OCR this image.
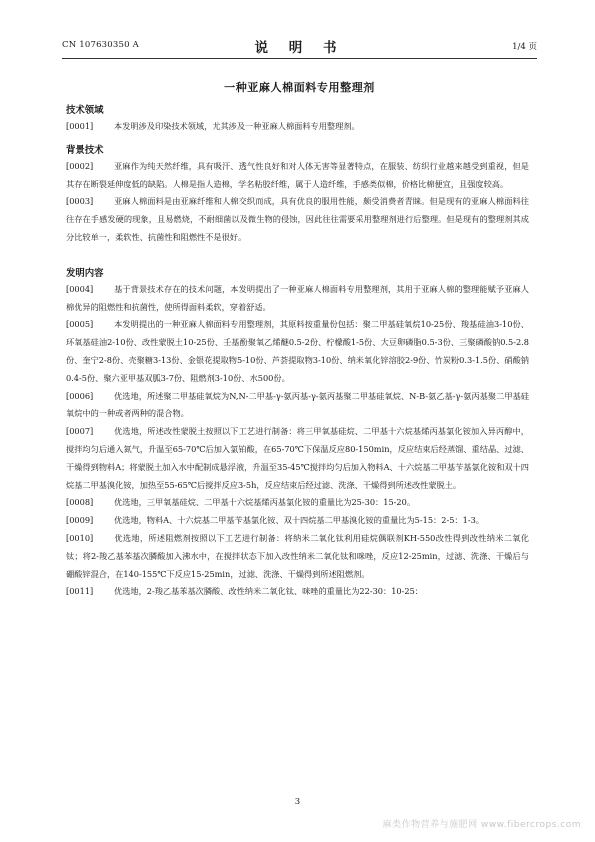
CN 107630350 A	说 明 书	1/4 页
一种亚麻人棉面料专用整理剂
技术领域

[0001]	本发明涉及印染技术领域，尤其涉及一种亚麻人棉面料专用整理剂。

背景技术

[0002]	亚麻作为纯天然纤维，具有吸汗、透气性良好和对人体无害等显著特点，在服装、纺织行业越来越受到重视，但是其存在断裂延伸度低的缺陷。人棉是指人造棉，学名粘胶纤维，属于人造纤维，手感类似棉，价格比棉便宜，且强度较高。

[0003]	亚麻人棉面料是由亚麻纤维和人棉交织而成，具有优良的服用性能，颇受消费者青睐。但是现有的亚麻人棉面料往往存在手感发硬的现象，且易燃烧，不耐细菌以及微生物的侵蚀，因此往往需要采用整理剂进行后整理。但是现有的整理剂其成分比较单一，柔软性、抗菌性和阻燃性不是很好。

发明内容

[0004]	基于背景技术存在的技术问题，本发明提出了一种亚麻人棉面料专用整理剂，其用于亚麻人棉的整理能赋予亚麻人棉优异的阻燃性和抗菌性，使所得面料柔软，穿着舒适。

[0005]	本发明提出的一种亚麻人棉面料专用整理剂，其原料按重量份包括：聚二甲基硅氧烷10-25份、羧基硅油3-10份、环氧基硅油2-10份、改性蒙脱土10-25份、壬基酚聚氧乙烯醚0.5-2份、柠檬酸1-5份、大豆卵磷脂0.5-3份、三聚磷酸钠0.5-2.8份、奎宁2-8份、壳聚糖3-13份、金银花提取物5-10份、芦荟提取物3-10份、纳米氧化锌溶胶2-9份、竹炭粉0.3-1.5份、硝酸钠0.4-5份、聚六亚甲基双胍3-7份、阻燃剂3-10份、水500份。

[0006]	优选地，所述聚二甲基硅氧烷为N,N-二甲基-γ-氨丙基-γ-氨丙基聚二甲基硅氧烷、N-B-氨乙基-γ-氨丙基聚二甲基硅氧烷中的一种或者两种的混合物。

[0007]	优选地，所述改性蒙脱土按照以下工艺进行制备：将三甲氧基硅烷、二甲基十六烷基烯丙基氯化铵加入异丙醇中，搅拌均匀后通入氮气，升温至65-70℃后加入氯铂酸，在65-70℃下保温反应80-150min，反应结束后经蒸馏、重结晶、过滤、干燥得到物料A；将蒙脱土加入水中配制成悬浮液，升温至35-45℃搅拌均匀后加入物料A、十六烷基二甲基苄基氯化铵和双十四烷基二甲基溴化铵，加热至55-65℃后搅拌反应3-5h，反应结束后经过滤、洗涤、干燥得到所述改性蒙脱土。

[0008]	优选地，三甲氧基硅烷、二甲基十六烷基烯丙基氯化铵的重量比为25-30：15-20。

[0009]	优选地，物料A、十六烷基二甲基苄基氯化铵、双十四烷基二甲基溴化铵的重量比为5-15：2-5：1-3。

[0010]	优选地，所述阻燃剂按照以下工艺进行制备：将纳米二氧化钛利用硅烷偶联剂KH-550改性得到改性纳米二氧化钛；将2-羧乙基苯基次膦酸加入沸水中，在搅拌状态下加入改性纳米二氧化钛和咪唑，反应12-25min，过滤、洗涤、干燥后与硼酸锌混合，在140-155℃下反应15-25min，过滤、洗涤、干燥得到所述阻燃剂。

[0011]	优选地，2-羧乙基苯基次膦酸、改性纳米二氧化钛、咪唑的重量比为22-30：10-25：

3
麻类作物营养与施肥网 www.fibercrops.com
